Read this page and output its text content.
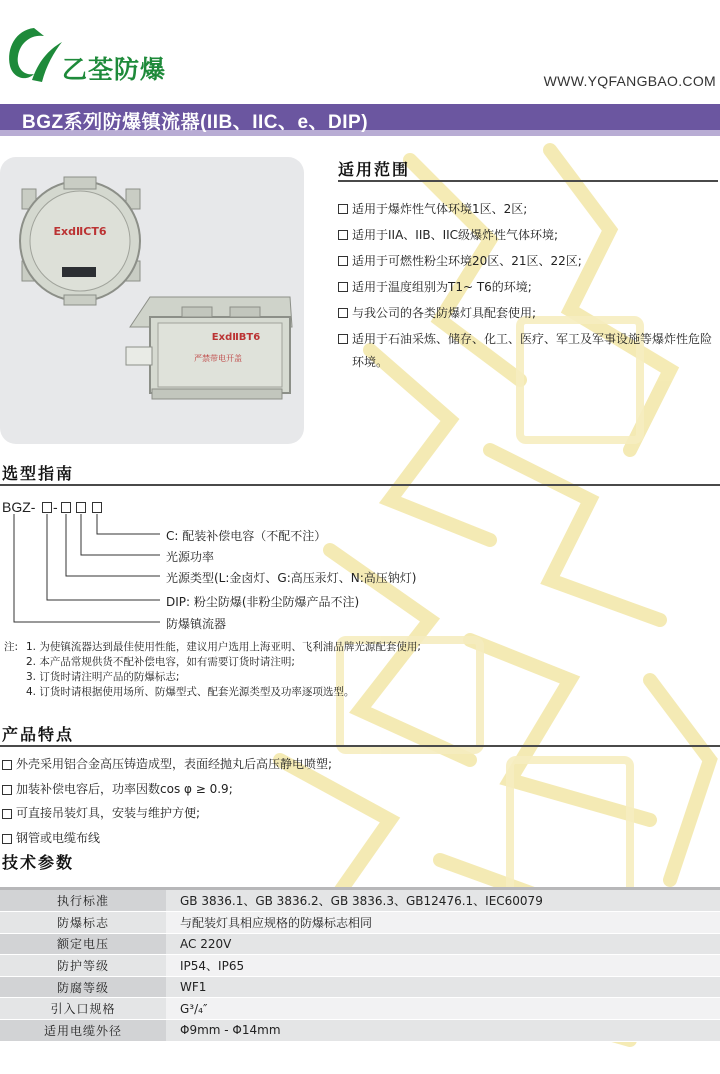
乙荃防爆	WWW.YQFANGBAO.COM
BGZ系列防爆镇流器(IIB、IIC、e、DIP)
ExdⅡCT6
ExdⅡBT6
严禁带电开盖
适用范围
适用于爆炸性气体环境1区、2区;
适用于IIA、IIB、IIC级爆炸性气体环境;
适用于可燃性粉尘环境20区、21区、22区;
适用于温度组别为T1~ T6的环境;
与我公司的各类防爆灯具配套使用;
适用于石油采炼、储存、化工、医疗、军工及军事设施等爆炸性危险环境。
选型指南
BGZ- -
C: 配装补偿电容（不配不注）
光源功率
光源类型(L:金卤灯、G:高压汞灯、N:高压钠灯)
DIP: 粉尘防爆(非粉尘防爆产品不注)
防爆镇流器
注: 1. 为使镇流器达到最佳使用性能，建议用户选用上海亚明、飞利浦品牌光源配套使用;
2. 本产品常规供货不配补偿电容，如有需要订货时请注明;
3. 订货时请注明产品的防爆标志;
4. 订货时请根据使用场所、防爆型式、配套光源类型及功率逐项选型。
产品特点
外壳采用铝合金高压铸造成型，表面经抛丸后高压静电喷塑;
加装补偿电容后，功率因数cos φ ≥ 0.9;
可直接吊装灯具，安装与维护方便;
钢管或电缆布线
技术参数
执行标准	GB 3836.1、GB 3836.2、GB 3836.3、GB12476.1、IEC60079
防爆标志	与配装灯具相应规格的防爆标志相同
额定电压	AC 220V
防护等级	IP54、IP65
防腐等级	WF1
引入口规格	G³/₄″
适用电缆外径	Φ9mm - Φ14mm
